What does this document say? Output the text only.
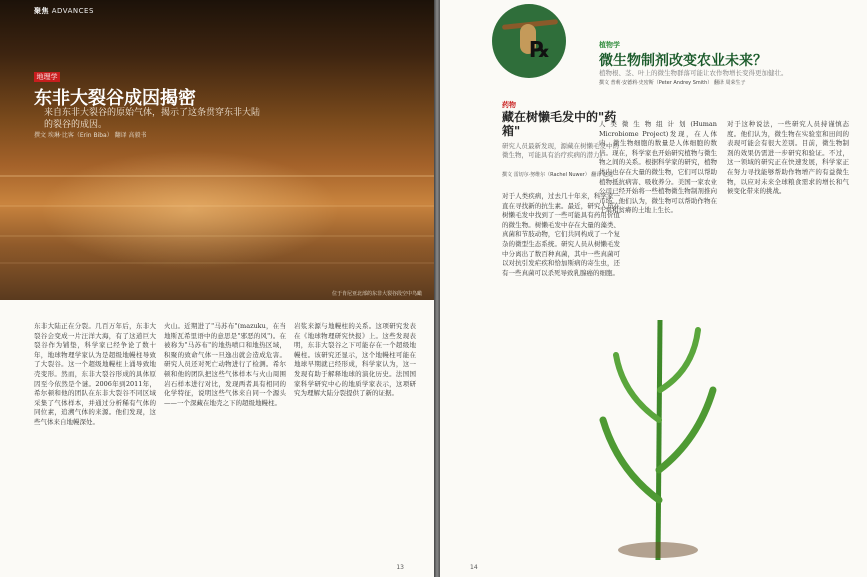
聚焦 ADVANCES
地理学
东非大裂谷成因揭密
来自东非大裂谷的原始气体，揭示了这条贯穿东非大陆的裂谷的成因。
撰文 埃琳·比客（Erin Biba） 翻译 高毅书
位于肯尼亚北部的东非大裂谷段空中鸟瞰
东非大陆正在分裂。几百万年后，东非大裂谷会变成一片汪洋大海，有了这道巨大裂谷作为铺垫，科学家已经争论了数十年，地球物理学家认为是超级地幔柱导致了大裂谷。这一个超级地幔柱上涌导致地壳变形。然而，东非大裂谷形成的具体原因至今依然是个谜。2006年到2011年，希尔顿和他的团队在东非大裂谷不同区域采集了气体样本，并通过分析稀有气体的同位素，追溯气体的来源。他们发现，这些气体来自地幔深处。
火山。近期进了"马苏布"(mazuku，在当地斯瓦希里语中的意思是"邪恶的风")。在被称为"马苏布"的地热喷口和地热区域，积聚的致命气体一旦逸出就会造成危害。研究人员还对死亡动物进行了检测。希尔顿和他的团队把这些气体样本与火山周围岩石样本进行对比，发现两者具有相同的化学特征，说明这些气体来自同一个源头——一个深藏在地壳之下的超级地幔柱。
岩浆来源与地幔柱的关系。这项研究发表在《地球物理研究快报》上。这些发现表明，东非大裂谷之下可能存在一个超级地幔柱。该研究还显示，这个地幔柱可能在地球早期就已经形成，科学家认为，这一发现有助于解释地球的演化历史。法国国家科学研究中心的地质学家表示，这项研究为理解大陆分裂提供了新的证据。
13
℞
药物
藏在树懒毛发中的"药箱"
研究人员最新发现，源藏在树懒毛发中的微生物，可能具有治疗疾病的潜力。
撰文 雷切尔·努维尔（Rachel Nuwer） 翻译 赵庭
植物学
微生物制剂改变农业未来？
植物根、茎、叶上的微生物群落可能让农作物增长变得更加健壮。
撰文 普莉·安德莉·史密斯（Peter Andrey Smith） 翻译 周荣生子
对于人类疾病，过去几十年来，科学家一直在寻找新的抗生素。最近，研究人员在树懒毛发中找到了一些可能具有药用价值的微生物。树懒毛发中存在大量的藻类、真菌和节肢动物，它们共同构成了一个复杂的微型生态系统。研究人员从树懒毛发中分离出了数百种真菌，其中一些真菌可以对抗引发疟疾和恰加斯病的寄生虫，还有一些真菌可以杀死导致乳腺癌的细胞。
人类微生物组计划(Human Microbiome Project)发现，在人体内，微生物细胞的数量是人体细胞的数倍。现在，科学家也开始研究植物与微生物之间的关系。根据科学家的研究，植物体内也存在大量的微生物，它们可以帮助植物抵抗病害、吸收养分。美国一家农业公司已经开始将一些植物微生物制剂推向市场。他们认为，微生物可以帮助作物在干旱和贫瘠的土地上生长。
对于这种说法，一些研究人员持谨慎态度。他们认为，微生物在实验室和田间的表现可能会有很大差别。目前，微生物制剂的效果仍需进一步研究和验证。不过，这一领域的研究正在快速发展，科学家正在努力寻找能够帮助作物增产的有益微生物，以应对未来全球粮食需求的增长和气候变化带来的挑战。
14
